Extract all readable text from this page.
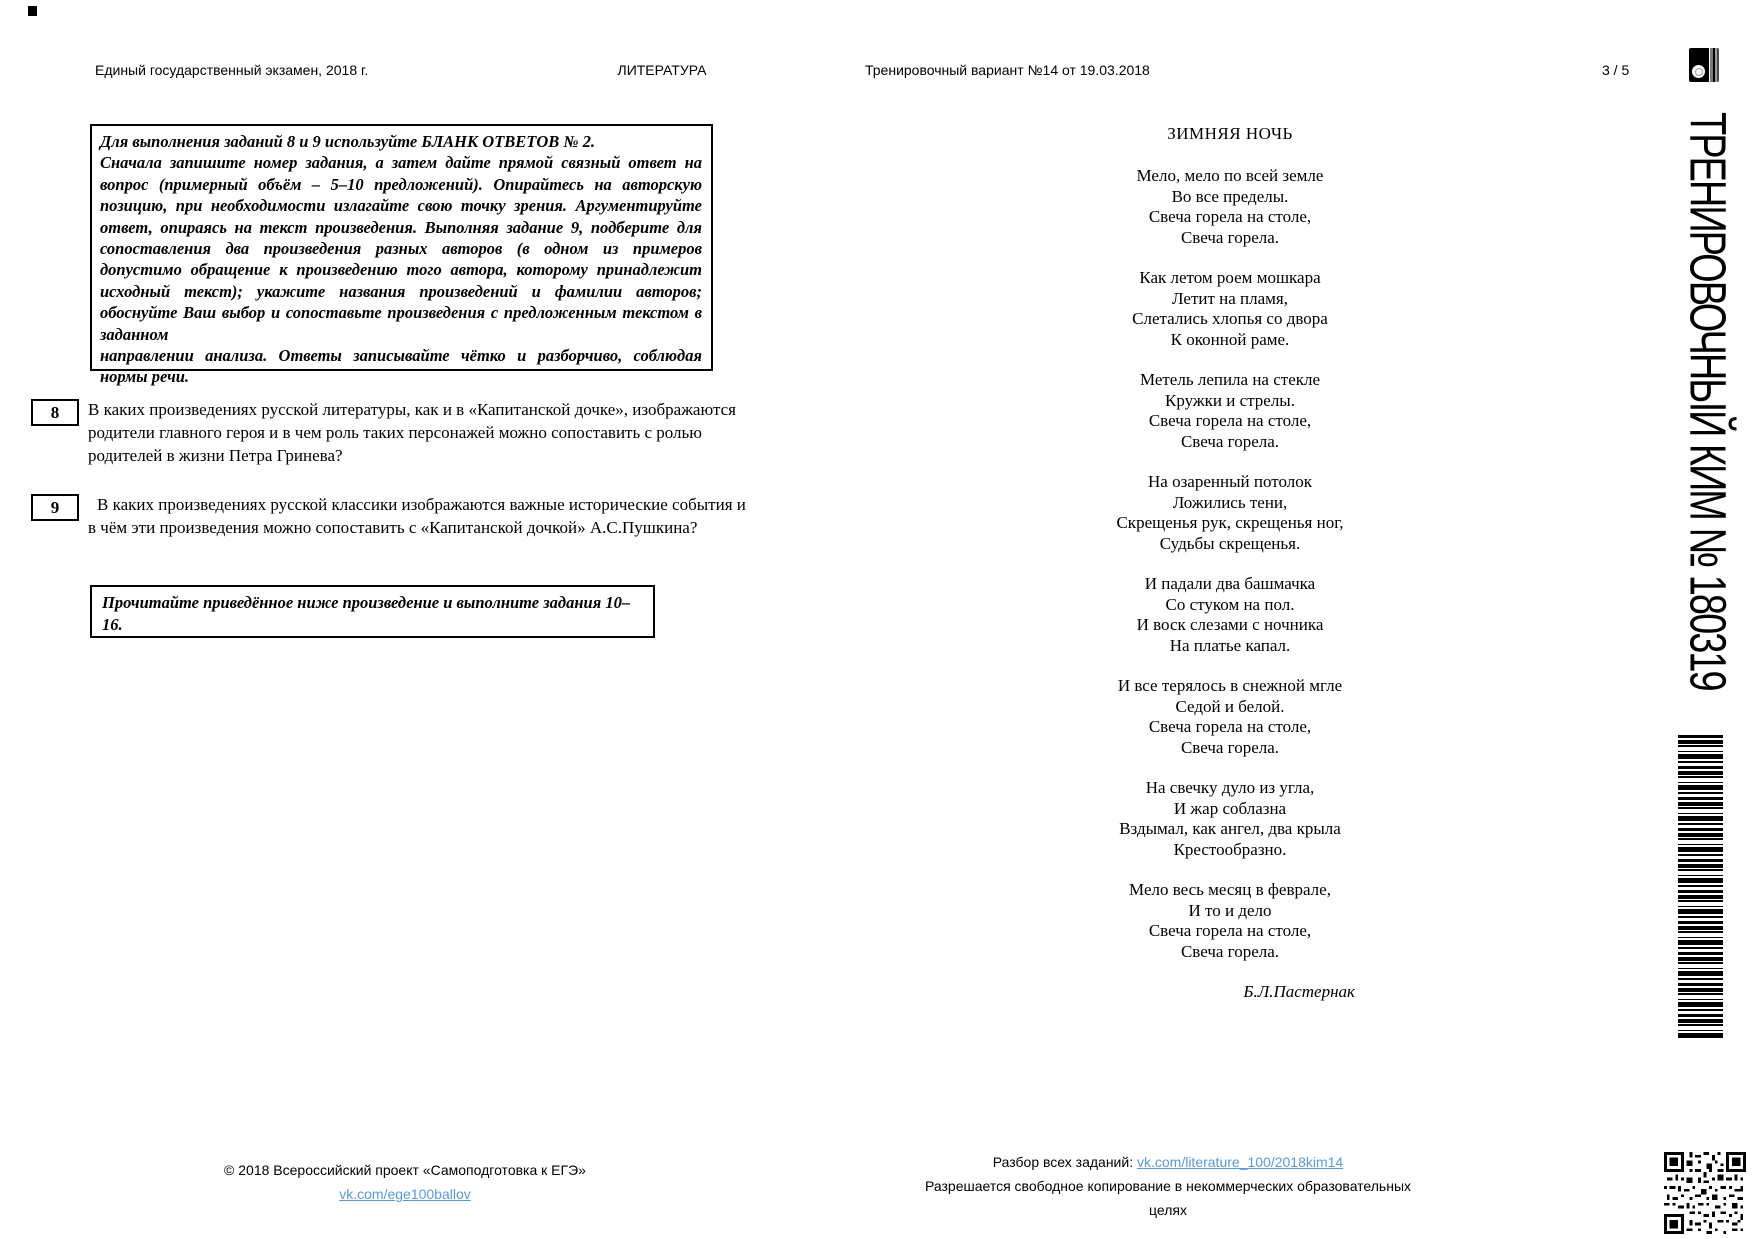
Единый государственный экзамен, 2018 г.	ЛИТЕРАТУРА	Тренировочный вариант №14 от 19.03.2018	3 / 5

Для выполнения заданий 8 и 9 используйте БЛАНК ОТВЕТОВ № 2.
Сначала запишите номер задания, а затем дайте прямой связный ответ на вопрос (примерный объём – 5–10 предложений). Опирайтесь на авторскую позицию, при необходимости излагайте свою точку зрения. Аргументируйте ответ, опираясь на текст произведения. Выполняя задание 9, подберите для сопоставления два произведения разных авторов (в одном из примеров допустимо обращение к произведению того автора, которому принадлежит исходный текст); укажите названия произведений и фамилии авторов; обоснуйте Ваш выбор и сопоставьте произведения с предложенным текстом в заданном

направлении анализа. Ответы записывайте чётко и разборчиво, соблюдая нормы речи.

8	В каких произведениях русской литературы, как и в «Капитанской дочке», изображаются родители главного героя и в чем роль таких персонажей можно сопоставить с ролью родителей в жизни Петра Гринева?
9	В каких произведениях русской классики изображаются важные исторические события и в чём эти произведения можно сопоставить с «Капитанской дочкой» А.С.Пушкина?

Прочитайте приведённое ниже произведение и выполните задания 10–16.

ЗИМНЯЯ НОЧЬ
Мело, мело по всей земле
Во все пределы.
Свеча горела на столе,
Свеча горела.
Как летом роем мошкара
Летит на пламя,
Слетались хлопья со двора
К оконной раме.
Метель лепила на стекле
Кружки и стрелы.
Свеча горела на столе,
Свеча горела.
На озаренный потолок
Ложились тени,
Скрещенья рук, скрещенья ног,
Судьбы скрещенья.
И падали два башмачка
Со стуком на пол.
И воск слезами с ночника
На платье капал.
И все терялось в снежной мгле
Седой и белой.
Свеча горела на столе,
Свеча горела.
На свечку дуло из угла,
И жар соблазна
Вздымал, как ангел, два крыла
Крестообразно.
Мело весь месяц в феврале,
И то и дело
Свеча горела на столе,
Свеча горела.
Б.Л.Пастернак
ТРЕНИРОВОЧНЫЙ КИМ № 180319
© 2018 Всероссийский проект «Самоподготовка к ЕГЭ» vk.com/ege100ballov
Разбор всех заданий: vk.com/literature_100/2018kim14
Разрешается свободное копирование в некоммерческих образовательных целях
